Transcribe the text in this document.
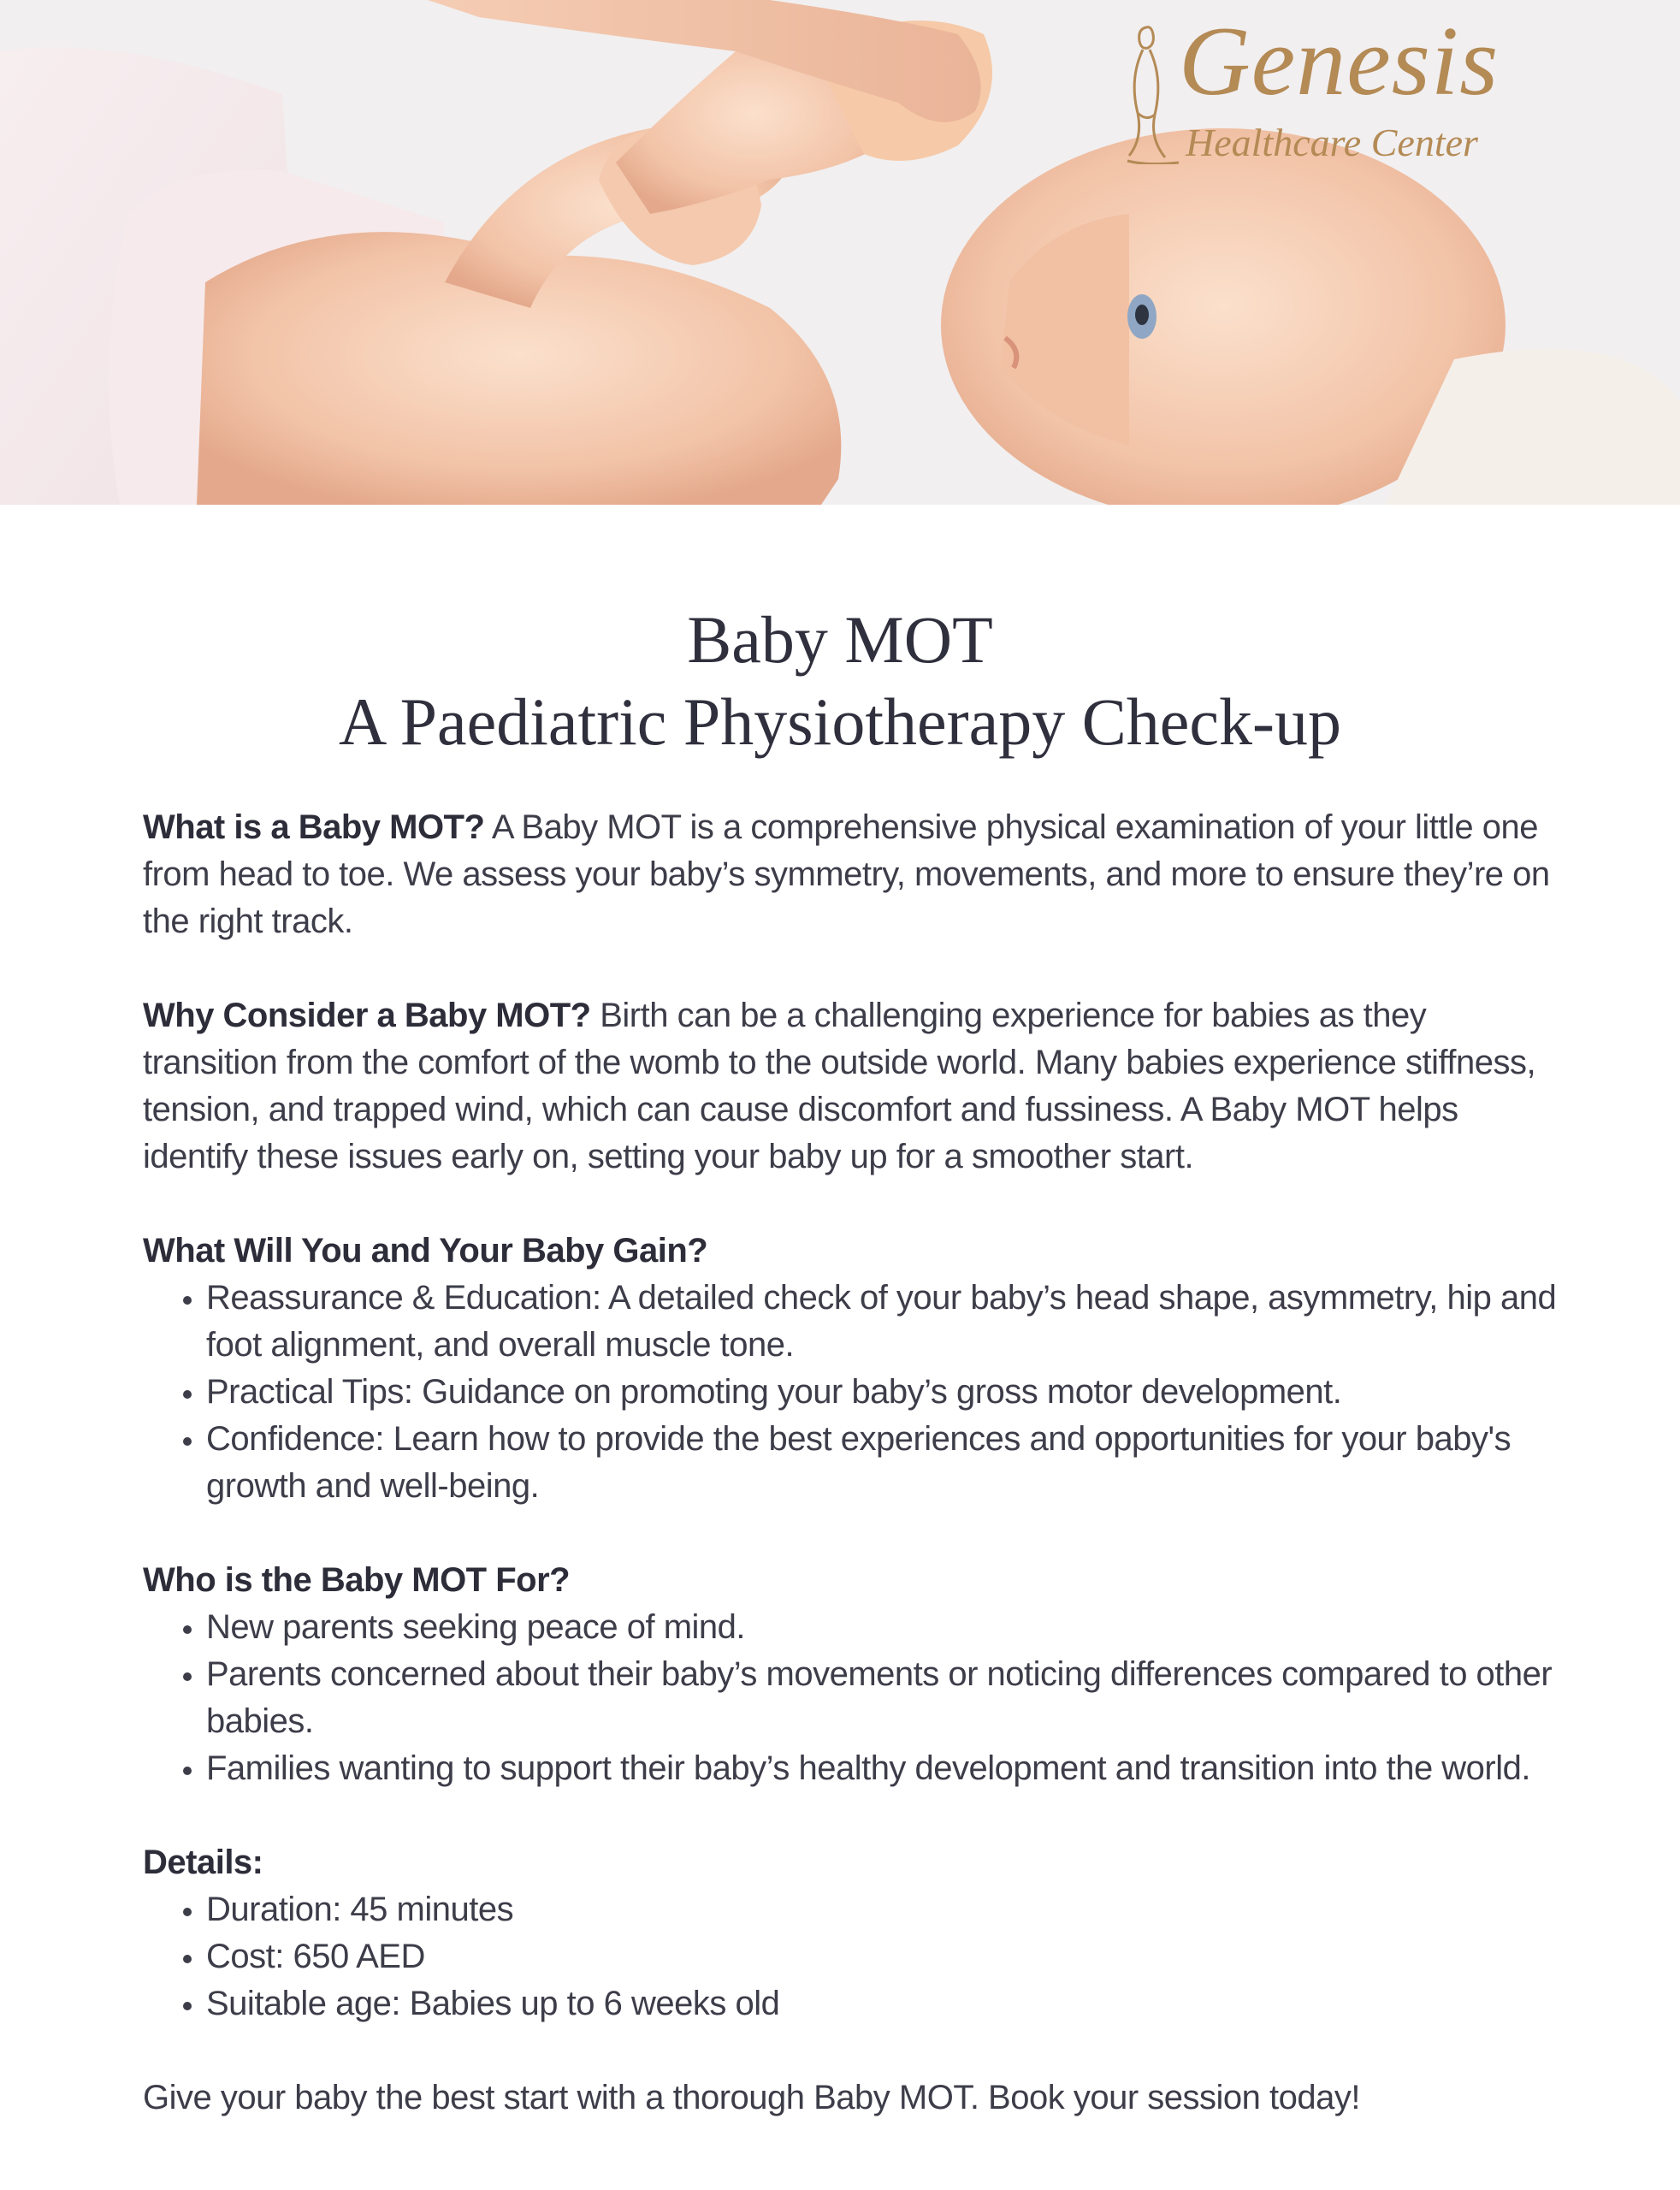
Genesis
Healthcare Center
Baby MOT
A Paediatric Physiotherapy Check-up

What is a Baby MOT? A Baby MOT is a comprehensive physical examination of your little one from head to toe. We assess your baby’s symmetry, movements, and more to ensure they’re on the right track.

Why Consider a Baby MOT? Birth can be a challenging experience for babies as they transition from the comfort of the womb to the outside world. Many babies experience stiffness, tension, and trapped wind, which can cause discomfort and fussiness. A Baby MOT helps identify these issues early on, setting your baby up for a smoother start.

What Will You and Your Baby Gain?
• Reassurance & Education: A detailed check of your baby’s head shape, asymmetry, hip and foot alignment, and overall muscle tone.
• Practical Tips: Guidance on promoting your baby’s gross motor development.
• Confidence: Learn how to provide the best experiences and opportunities for your baby's growth and well-being.
Who is the Baby MOT For?
• New parents seeking peace of mind.
• Parents concerned about their baby’s movements or noticing differences compared to other babies.
• Families wanting to support their baby’s healthy development and transition into the world.
Details:
• Duration: 45 minutes
• Cost: 650 AED
• Suitable age: Babies up to 6 weeks old

Give your baby the best start with a thorough Baby MOT. Book your session today!
